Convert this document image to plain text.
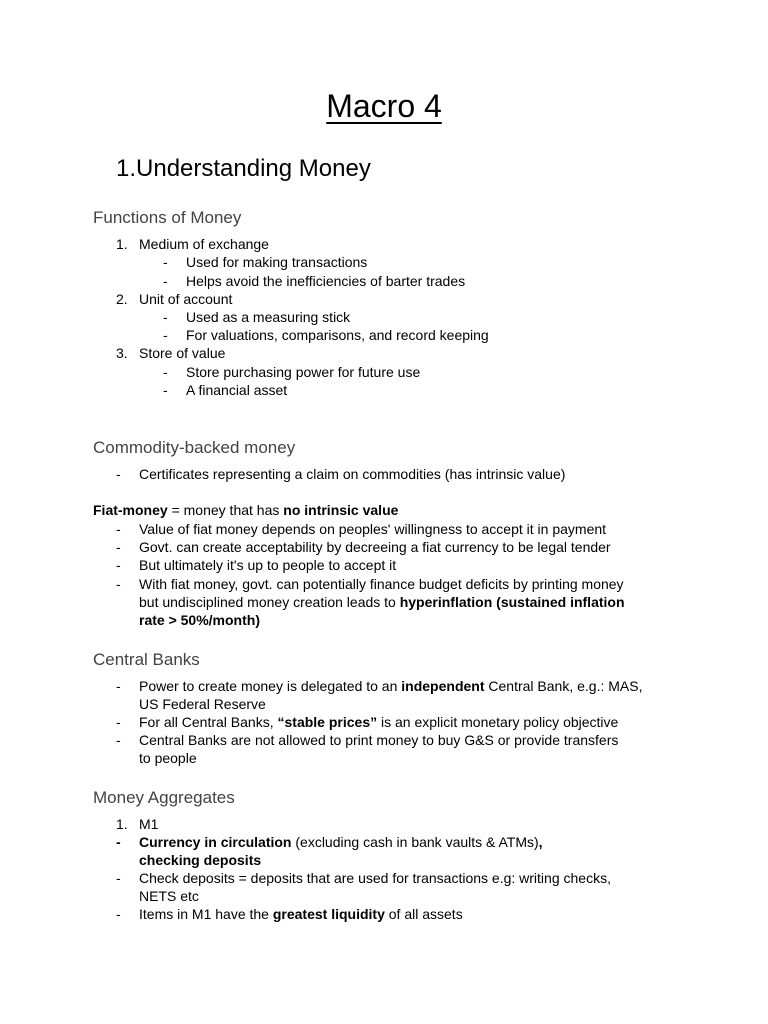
Macro 4
1.Understanding Money
Functions of Money
1. Medium of exchange
- Used for making transactions
- Helps avoid the inefficiencies of barter trades
2. Unit of account
- Used as a measuring stick
- For valuations, comparisons, and record keeping
3. Store of value
- Store purchasing power for future use
- A financial asset
Commodity-backed money
- Certificates representing a claim on commodities (has intrinsic value)
Fiat-money = money that has no intrinsic value
- Value of fiat money depends on peoples' willingness to accept it in payment
- Govt. can create acceptability by decreeing a fiat currency to be legal tender
- But ultimately it's up to people to accept it
- With fiat money, govt. can potentially finance budget deficits by printing money
but undisciplined money creation leads to hyperinflation (sustained inflation
rate > 50%/month)
Central Banks
- Power to create money is delegated to an independent Central Bank, e.g.: MAS,
US Federal Reserve
- For all Central Banks, “stable prices” is an explicit monetary policy objective
- Central Banks are not allowed to print money to buy G&S or provide transfers
to people
Money Aggregates
1. M1
- Currency in circulation (excluding cash in bank vaults & ATMs),
checking deposits
- Check deposits = deposits that are used for transactions e.g: writing checks,
NETS etc
- Items in M1 have the greatest liquidity of all assets
